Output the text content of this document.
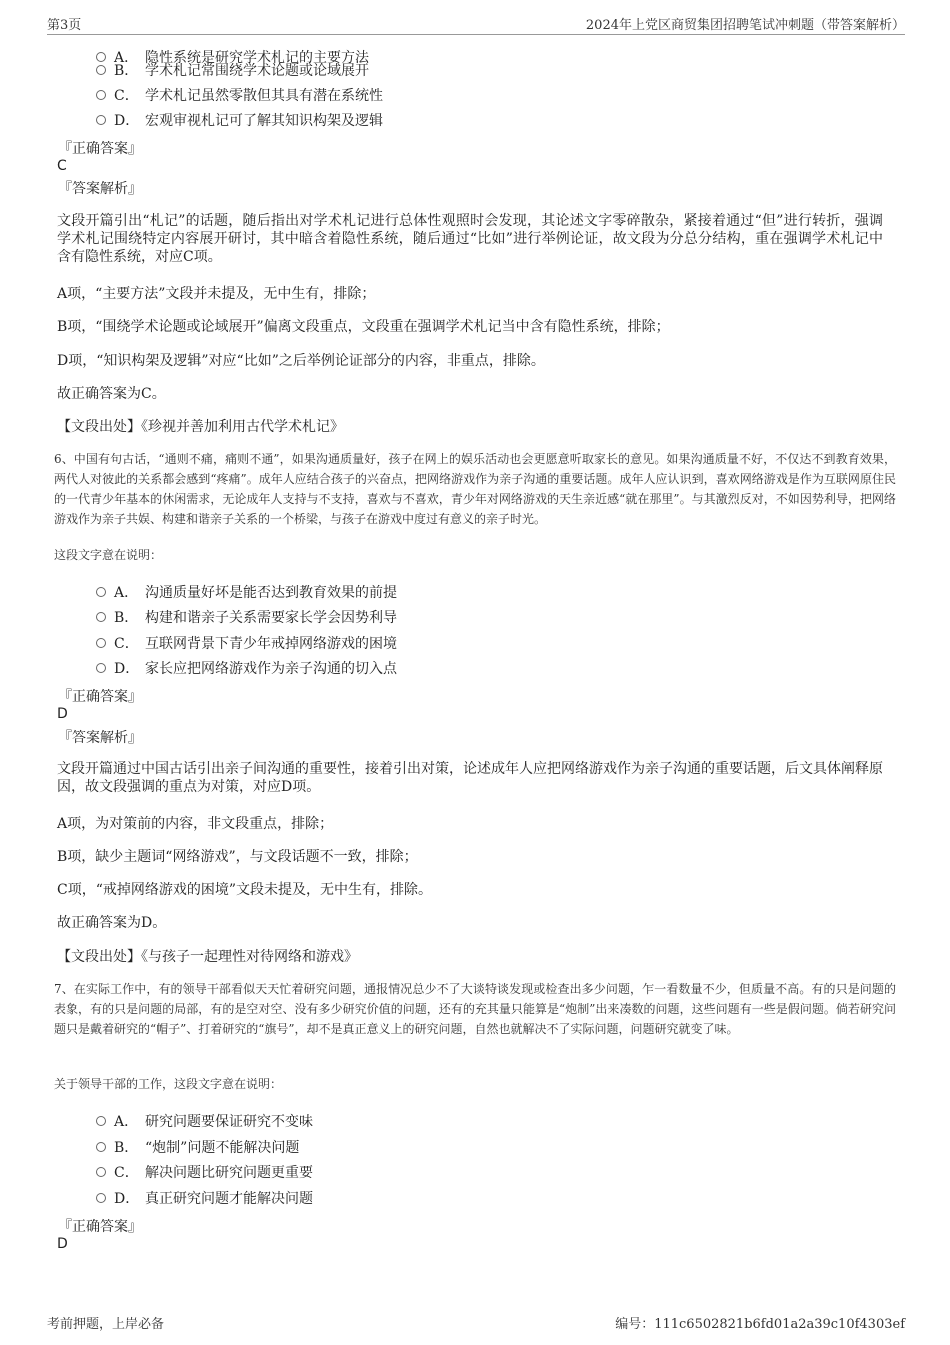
第3页	2024年上党区商贸集团招聘笔试冲刺题（带答案解析）
A． 隐性系统是研究学术札记的主要方法
B． 学术札记常围绕学术论题或论域展开
C． 学术札记虽然零散但其具有潜在系统性
D． 宏观审视札记可了解其知识构架及逻辑
『正确答案』
C
『答案解析』
文段开篇引出“札记”的话题，随后指出对学术札记进行总体性观照时会发现，其论述文字零碎散杂，紧接着通过“但”进行转折，强调学术札记围绕特定内容展开研讨，其中暗含着隐性系统，随后通过“比如”进行举例论证，故文段为分总分结构，重在强调学术札记中含有隐性系统，对应C项。
A项，“主要方法”文段并未提及，无中生有，排除；
B项，“围绕学术论题或论域展开”偏离文段重点，文段重在强调学术札记当中含有隐性系统，排除；
D项，“知识构架及逻辑”对应“比如”之后举例论证部分的内容，非重点，排除。
故正确答案为C。
【文段出处】《珍视并善加利用古代学术札记》
6、中国有句古话，“通则不痛，痛则不通”，如果沟通质量好，孩子在网上的娱乐活动也会更愿意听取家长的意见。如果沟通质量不好，不仅达不到教育效果，两代人对彼此的关系都会感到“疼痛”。成年人应结合孩子的兴奋点，把网络游戏作为亲子沟通的重要话题。成年人应认识到，喜欢网络游戏是作为互联网原住民的一代青少年基本的休闲需求，无论成年人支持与不支持，喜欢与不喜欢，青少年对网络游戏的天生亲近感“就在那里”。与其激烈反对，不如因势利导，把网络游戏作为亲子共娱、构建和谐亲子关系的一个桥梁，与孩子在游戏中度过有意义的亲子时光。
这段文字意在说明：
A． 沟通质量好坏是能否达到教育效果的前提
B． 构建和谐亲子关系需要家长学会因势利导
C． 互联网背景下青少年戒掉网络游戏的困境
D． 家长应把网络游戏作为亲子沟通的切入点
『正确答案』
D
『答案解析』
文段开篇通过中国古话引出亲子间沟通的重要性，接着引出对策，论述成年人应把网络游戏作为亲子沟通的重要话题，后文具体阐释原因，故文段强调的重点为对策，对应D项。
A项，为对策前的内容，非文段重点，排除；
B项，缺少主题词“网络游戏”，与文段话题不一致，排除；
C项，“戒掉网络游戏的困境”文段未提及，无中生有，排除。
故正确答案为D。
【文段出处】《与孩子一起理性对待网络和游戏》
7、在实际工作中，有的领导干部看似天天忙着研究问题，通报情况总少不了大谈特谈发现或检查出多少问题，乍一看数量不少，但质量不高。有的只是问题的表象，有的只是问题的局部，有的是空对空、没有多少研究价值的问题，还有的充其量只能算是“炮制”出来凑数的问题，这些问题有一些是假问题。倘若研究问题只是戴着研究的“帽子”、打着研究的“旗号”，却不是真正意义上的研究问题，自然也就解决不了实际问题，问题研究就变了味。
关于领导干部的工作，这段文字意在说明：
A． 研究问题要保证研究不变味
B． “炮制”问题不能解决问题
C． 解决问题比研究问题更重要
D． 真正研究问题才能解决问题
『正确答案』
D
考前押题，上岸必备	编号：111c6502821b6fd01a2a39c10f4303ef
